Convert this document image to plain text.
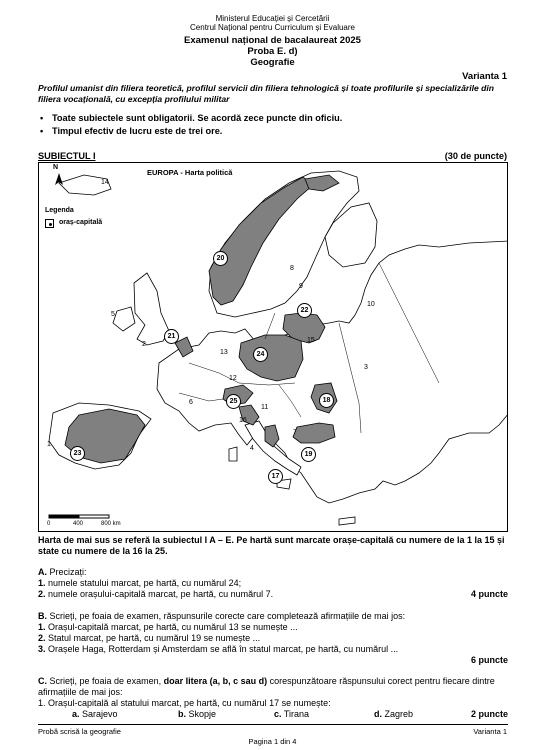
Ministerul Educației și Cercetării
Centrul Național pentru Curriculum și Evaluare
Examenul național de bacalaureat 2025
Proba E. d)
Geografie
Varianta 1
Profilul umanist din filiera teoretică, profilul servicii din filiera tehnologică și toate profilurile și specializările din filiera vocațională, cu excepția profilului militar
• Toate subiectele sunt obligatorii. Se acordă zece puncte din oficiu.
• Timpul efectiv de lucru este de trei ore.
SUBIECTUL I	(30 de puncte)
N
EUROPA - Harta politică
Legenda
oraș-capitală
0	400	800 km
1
2
3
4
5
6
7
8
9
10
11
12
13
14
15
16
17
18
19
20
21
22
23
24
25
Harta de mai sus se referă la subiectul I A – E. Pe hartă sunt marcate orașe-capitală cu numere de la 1 la 15 și state cu numere de la 16 la 25.
A. Precizați:
1. numele statului marcat, pe hartă, cu numărul 24;
2. numele orașului-capitală marcat, pe hartă, cu numărul 7.	4 puncte
B. Scrieți, pe foaia de examen, răspunsurile corecte care completează afirmațiile de mai jos:
1. Orașul-capitală marcat, pe hartă, cu numărul 13 se numește ...
2. Statul marcat, pe hartă, cu numărul 19 se numește ...
3. Orașele Haga, Rotterdam și Amsterdam se află în statul marcat, pe hartă, cu numărul ...
6 puncte
C. Scrieți, pe foaia de examen, doar litera (a, b, c sau d) corespunzătoare răspunsului corect pentru fiecare dintre afirmațiile de mai jos:
1. Orașul-capitală al statului marcat, pe hartă, cu numărul 17 se numește:
a. Sarajevo	b. Skopje	c. Tirana	d. Zagreb	2 puncte
Probă scrisă la geografie
Pagina 1 din 4
Varianta 1
